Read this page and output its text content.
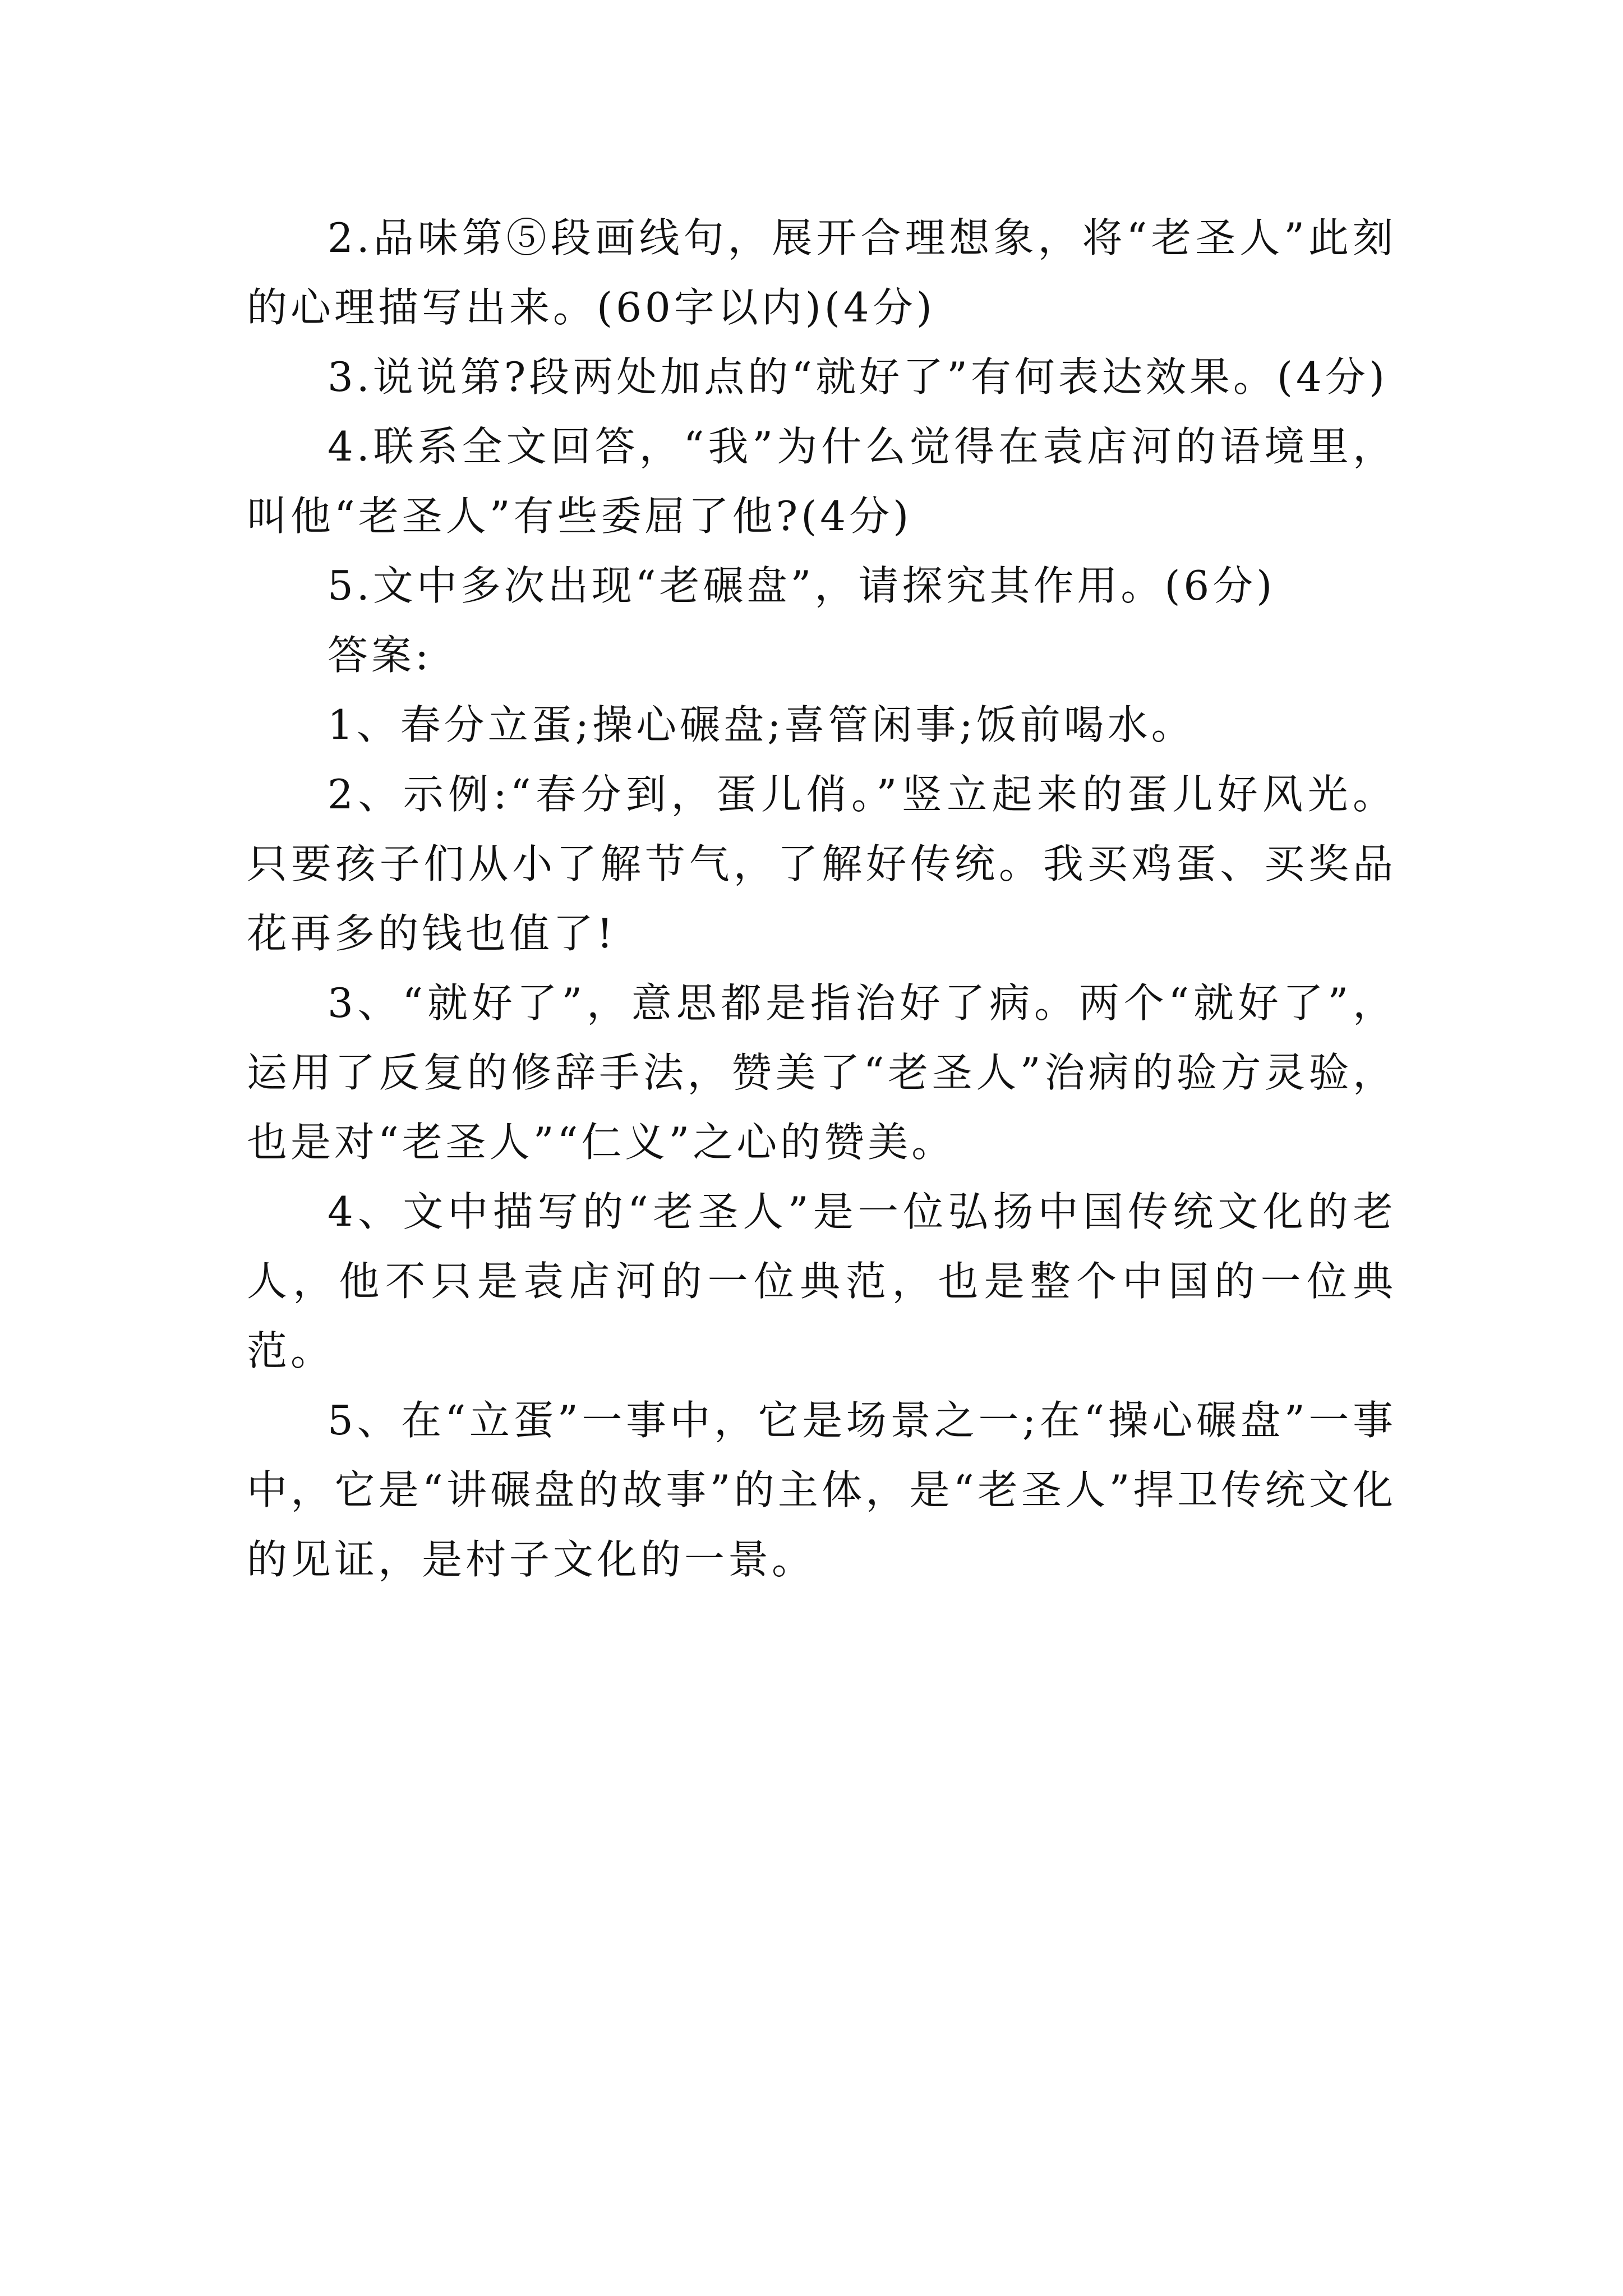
2.品味第⑤段画线句，展开合理想象，将“老圣人”此刻的心理描写出来。(60字以内)(4分)

3.说说第?段两处加点的“就好了”有何表达效果。(4分)

4.联系全文回答，“我”为什么觉得在袁店河的语境里，叫他“老圣人”有些委屈了他?(4分)

5.文中多次出现“老碾盘”，请探究其作用。(6分)

答案:

1、春分立蛋;操心碾盘;喜管闲事;饭前喝水。

2、示例:“春分到，蛋儿俏。”竖立起来的蛋儿好风光。只要孩子们从小了解节气，了解好传统。我买鸡蛋、买奖品花再多的钱也值了!

3、“就好了”，意思都是指治好了病。两个“就好了”，运用了反复的修辞手法，赞美了“老圣人”治病的验方灵验，也是对“老圣人”“仁义”之心的赞美。

4、文中描写的“老圣人”是一位弘扬中国传统文化的老人，他不只是袁店河的一位典范，也是整个中国的一位典范。

5、在“立蛋”一事中，它是场景之一;在“操心碾盘”一事中，它是“讲碾盘的故事”的主体，是“老圣人”捍卫传统文化的见证，是村子文化的一景。
